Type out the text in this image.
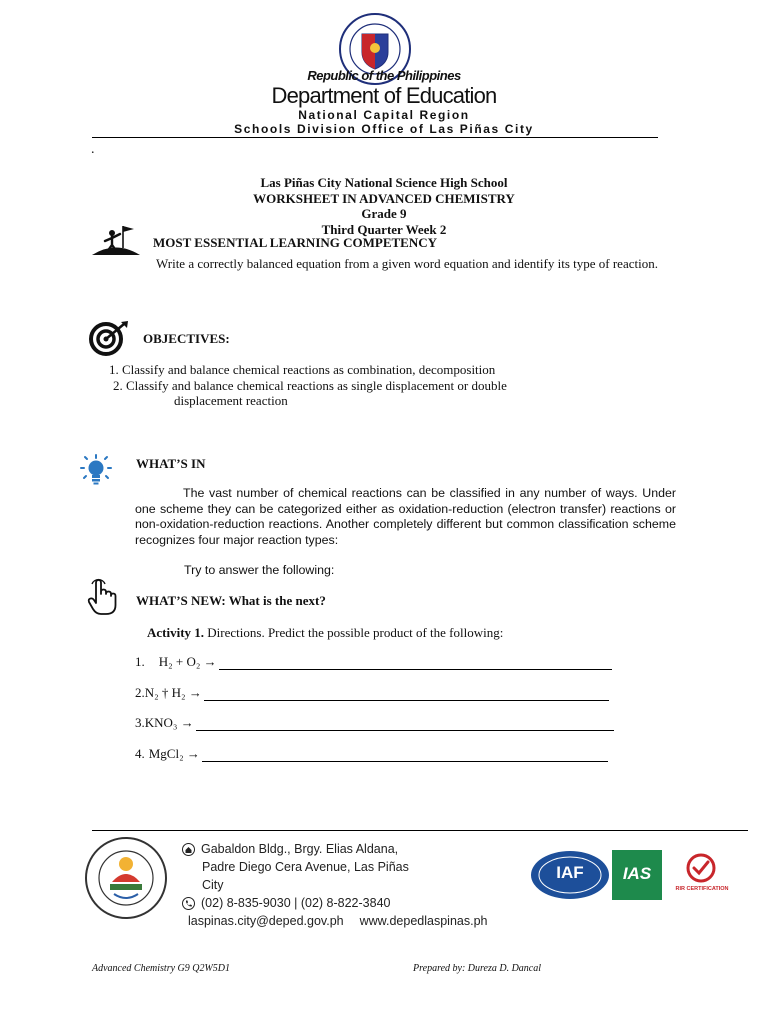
Republic of the Philippines
Department of Education
National Capital Region
Schools Division Office of Las Piñas City
.
Las Piñas City National Science High School
WORKSHEET IN ADVANCED CHEMISTRY
Grade 9
Third Quarter Week 2
MOST ESSENTIAL LEARNING COMPETENCY
Write a correctly balanced equation from a given word equation and identify its type of reaction.
OBJECTIVES:
1. Classify and balance chemical reactions as combination, decomposition
2. Classify and balance chemical reactions as single displacement or double
displacement reaction
WHAT’S IN
The vast number of chemical reactions can be classified in any number of ways. Under one scheme they can be categorized either as oxidation-reduction (electron transfer) reactions or non-oxidation-reduction reactions. Another completely different but common classification scheme recognizes four major reaction types:
Try to answer the following:
WHAT’S NEW: What is the next?
Activity 1. Directions. Predict the possible product of the following:
1. H₂ + O₂ →
2. N₂ † H₂ →
3. KNO₃ →
4. MgCl₂ →
Gabaldon Bldg., Brgy. Elias Aldana,
Padre Diego Cera Avenue, Las Piñas City
(02) 8-835-9030 | (02) 8-822-3840
laspinas.city@deped.gov.ph www.depedlaspinas.ph
IAF	IAS
RIR CERTIFICATION
Advanced Chemistry G9 Q2W5D1	Prepared by: Dureza D. Dancal
